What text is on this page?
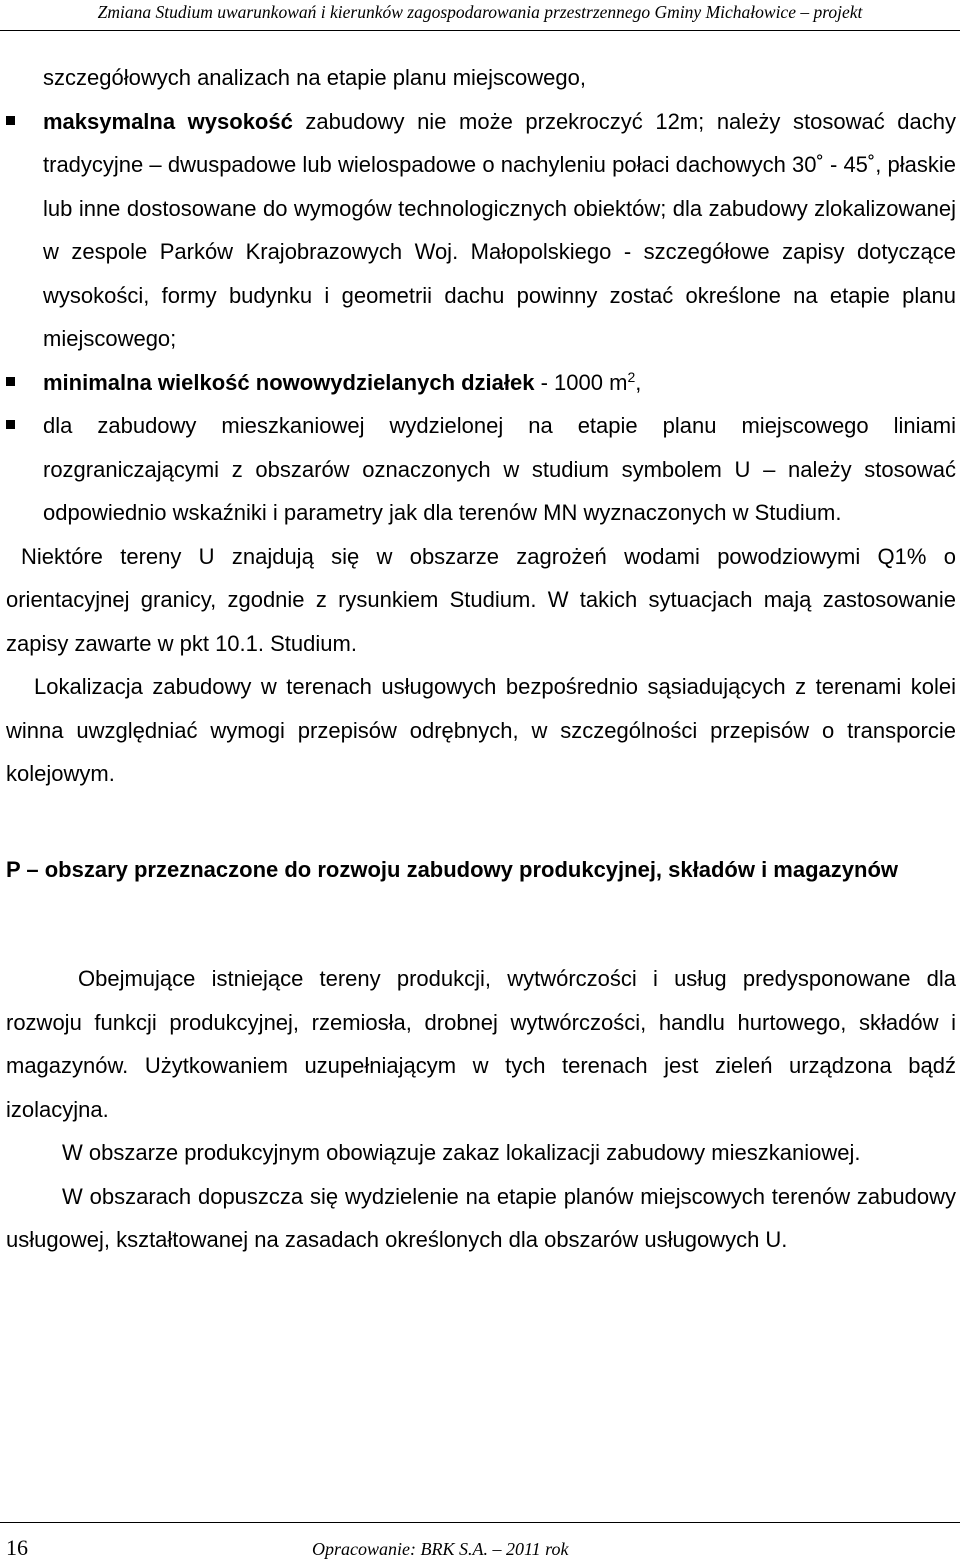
Zmiana Studium uwarunkowań i kierunków zagospodarowania przestrzennego Gminy Michałowice – projekt

szczegółowych analizach na etapie planu miejscowego,

maksymalna wysokość zabudowy nie może przekroczyć 12m; należy stosować dachy tradycyjne – dwuspadowe lub wielospadowe o nachyleniu połaci dachowych 30˚ - 45˚, płaskie lub inne dostosowane do wymogów technologicznych obiektów; dla zabudowy zlokalizowanej w zespole Parków Krajobrazowych Woj. Małopolskiego - szczegółowe zapisy dotyczące wysokości, formy budynku i geometrii dachu powinny zostać określone na etapie planu miejscowego;

minimalna wielkość nowowydzielanych działek - 1000 $m^2$,

dla zabudowy mieszkaniowej wydzielonej na etapie planu miejscowego liniami rozgraniczającymi z obszarów oznaczonych w studium symbolem U – należy stosować odpowiednio wskaźniki i parametry jak dla terenów MN wyznaczonych w Studium.

Niektóre tereny U znajdują się w obszarze zagrożeń wodami powodziowymi Q1% o orientacyjnej granicy, zgodnie z rysunkiem Studium. W takich sytuacjach mają zastosowanie zapisy zawarte w pkt 10.1. Studium.

Lokalizacja zabudowy w terenach usługowych bezpośrednio sąsiadujących z terenami kolei winna uwzględniać wymogi przepisów odrębnych, w szczególności przepisów o transporcie kolejowym.

P – obszary przeznaczone do rozwoju zabudowy produkcyjnej, składów i magazynów

Obejmujące istniejące tereny produkcji, wytwórczości i usług predysponowane dla rozwoju funkcji produkcyjnej, rzemiosła, drobnej wytwórczości, handlu hurtowego, składów i magazynów. Użytkowaniem uzupełniającym w tych terenach jest zieleń urządzona bądź izolacyjna.

W obszarze produkcyjnym obowiązuje zakaz lokalizacji zabudowy mieszkaniowej.

W obszarach dopuszcza się wydzielenie na etapie planów miejscowych terenów zabudowy usługowej, kształtowanej na zasadach określonych dla obszarów usługowych U.

16	Opracowanie: BRK S.A. – 2011 rok
